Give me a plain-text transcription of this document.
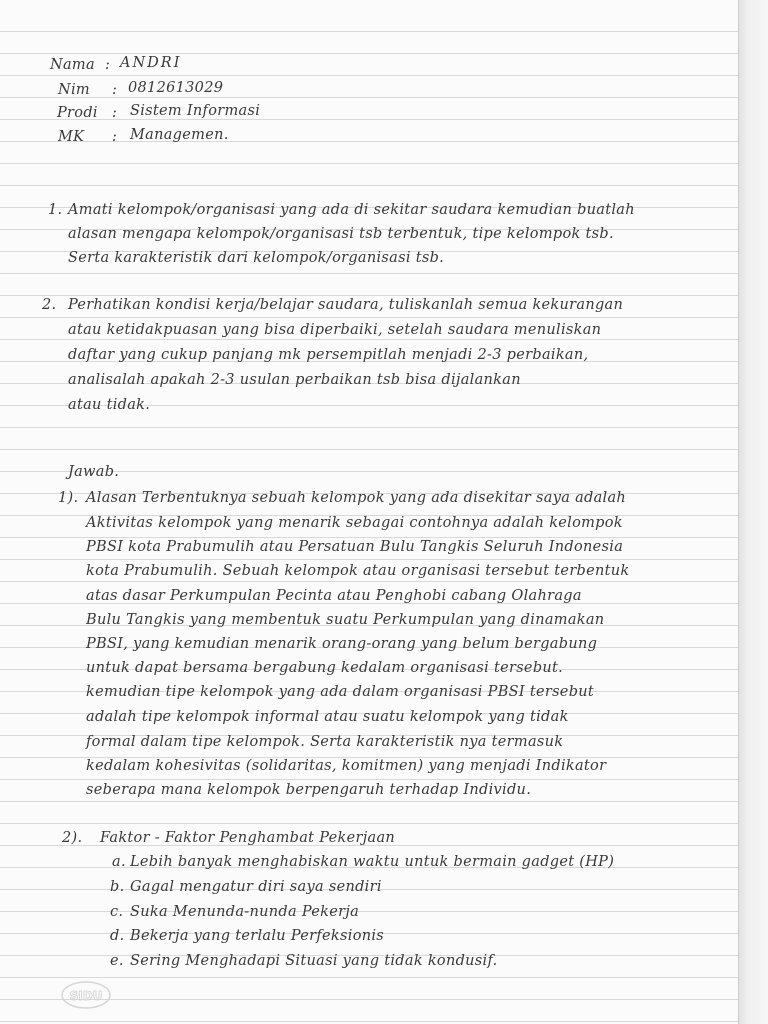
Nama : ANDRI
Nim : 0812613029
Prodi : Sistem Informasi
MK : Managemen.
1. Amati kelompok/organisasi yang ada di sekitar saudara kemudian buatlah
alasan mengapa kelompok/organisasi tsb terbentuk, tipe kelompok tsb.
Serta karakteristik dari kelompok/organisasi tsb.
2. Perhatikan kondisi kerja/belajar saudara, tuliskanlah semua kekurangan
atau ketidakpuasan yang bisa diperbaiki, setelah saudara menuliskan
daftar yang cukup panjang mk persempitlah menjadi 2-3 perbaikan,
analisalah apakah 2-3 usulan perbaikan tsb bisa dijalankan
atau tidak.
Jawab.
1). Alasan Terbentuknya sebuah kelompok yang ada disekitar saya adalah
Aktivitas kelompok yang menarik sebagai contohnya adalah kelompok
PBSI kota Prabumulih atau Persatuan Bulu Tangkis Seluruh Indonesia
kota Prabumulih. Sebuah kelompok atau organisasi tersebut terbentuk
atas dasar Perkumpulan Pecinta atau Penghobi cabang Olahraga
Bulu Tangkis yang membentuk suatu Perkumpulan yang dinamakan
PBSI, yang kemudian menarik orang-orang yang belum bergabung
untuk dapat bersama bergabung kedalam organisasi tersebut.
kemudian tipe kelompok yang ada dalam organisasi PBSI tersebut
adalah tipe kelompok informal atau suatu kelompok yang tidak
formal dalam tipe kelompok. Serta karakteristik nya termasuk
kedalam kohesivitas (solidaritas, komitmen) yang menjadi Indikator
seberapa mana kelompok berpengaruh terhadap Individu.
2). Faktor - Faktor Penghambat Pekerjaan
a. Lebih banyak menghabiskan waktu untuk bermain gadget (HP)
b. Gagal mengatur diri saya sendiri
c. Suka Menunda-nunda Pekerja
d. Bekerja yang terlalu Perfeksionis
e. Sering Menghadapi Situasi yang tidak kondusif.
SIDU
